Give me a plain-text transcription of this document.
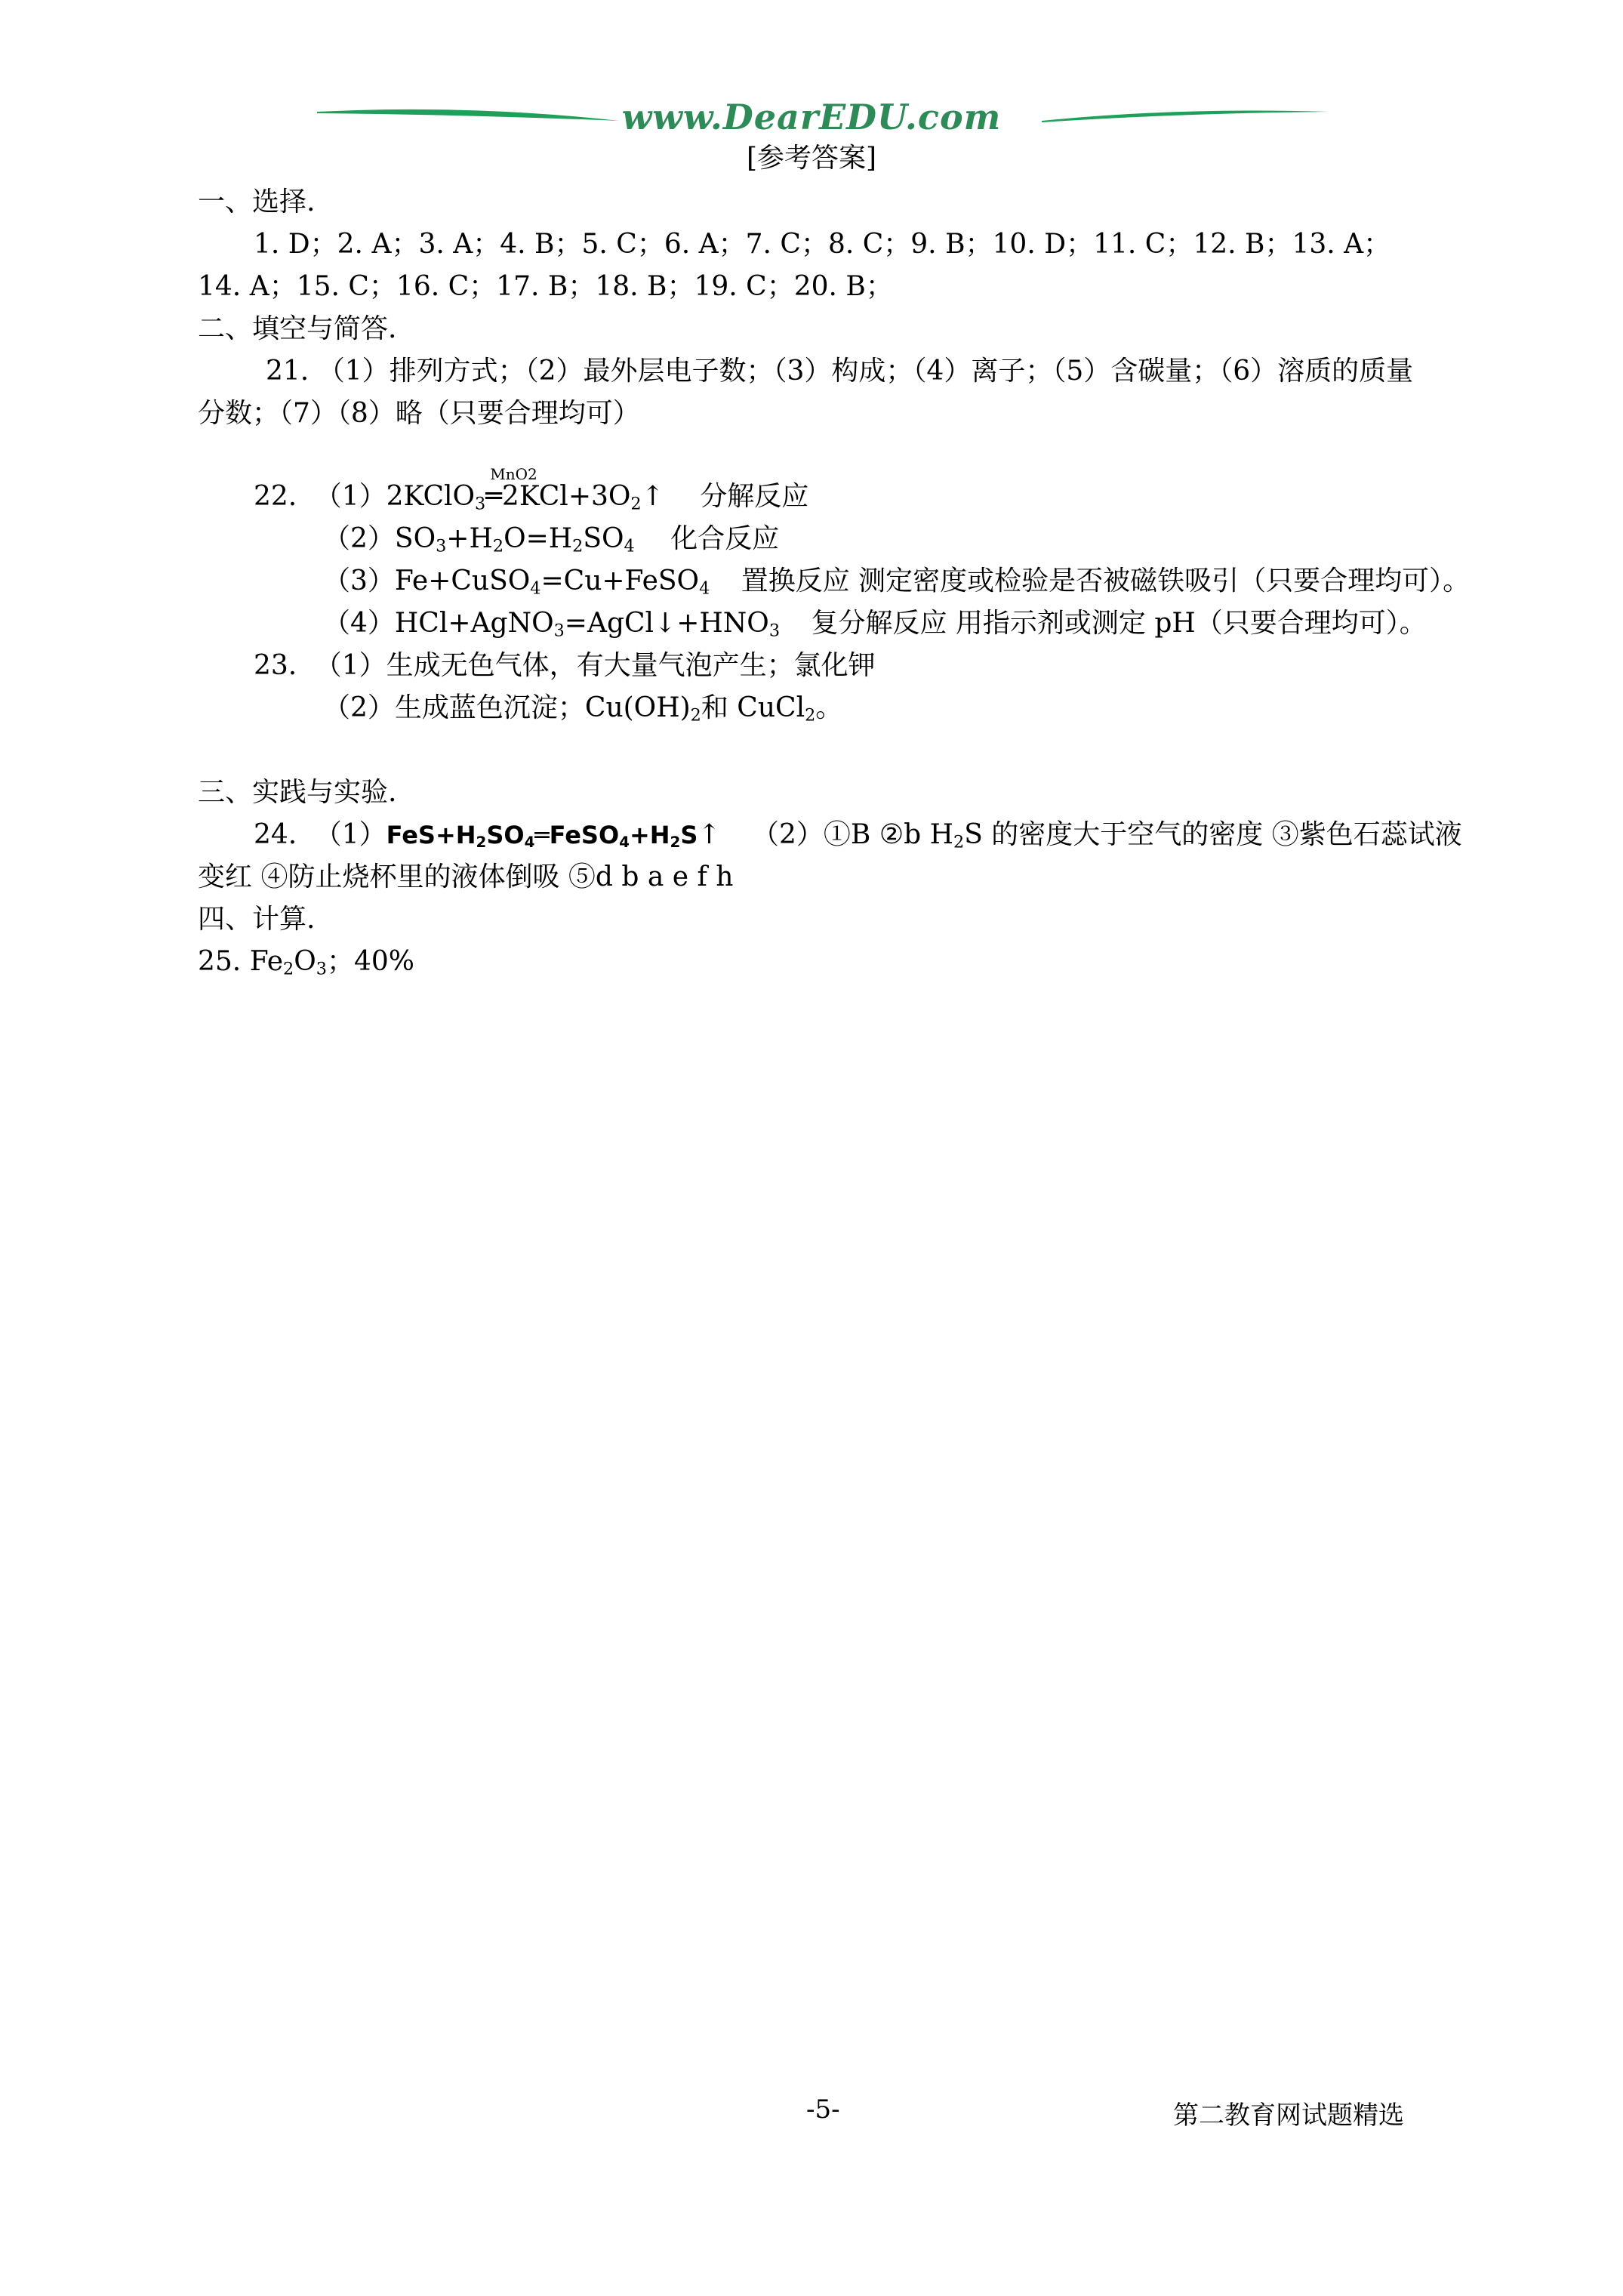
www.DearEDU.com
[参考答案]
一、选择.
1. D；2. A；3. A；4. B；5. C；6. A；7. C；8. C；9. B；10. D；11. C；12. B；13. A；
14. A；15. C；16. C；17. B；18. B；19. C；20. B；
二、填空与简答.
21. （1）排列方式；（2）最外层电子数；（3）构成；（4）离子；（5）含碳量；（6）溶质的质量
分数；（7）（8）略（只要合理均可）
22. （1）2KClO$_3$
MnO2
$═2KCl+3O_2↑$ 分解反应
$(2)SO_3+H_2O=H_2SO_4$ 化合反应
（3）Fe+CuSO$_4$=Cu+FeSO$_4$ 置换反应 测定密度或检验是否被磁铁吸引（只要合理均可）。
$(4)HCl+AgNO_3=AgCl↓+HNO_3$ 复分解反应 用指示剂或测定 pH（只要合理均可）。
23. （1）生成无色气体，有大量气泡产生；氯化钾
（2）生成蓝色沉淀；$Cu(OH)_2$和 CuCl$_2$。
三、实践与实验.
24. $(1)FeS+H_2SO_4═FeSO_4+H_2S↑$ （2）①B ②b $H_2S$ 的密度大于空气的密度 ③紫色石蕊试液
变红 ④防止烧杯里的液体倒吸 ⑤d b a e f h
四、计算.
25. $Fe_2O_3$；40%
-5-	第二教育网试题精选
